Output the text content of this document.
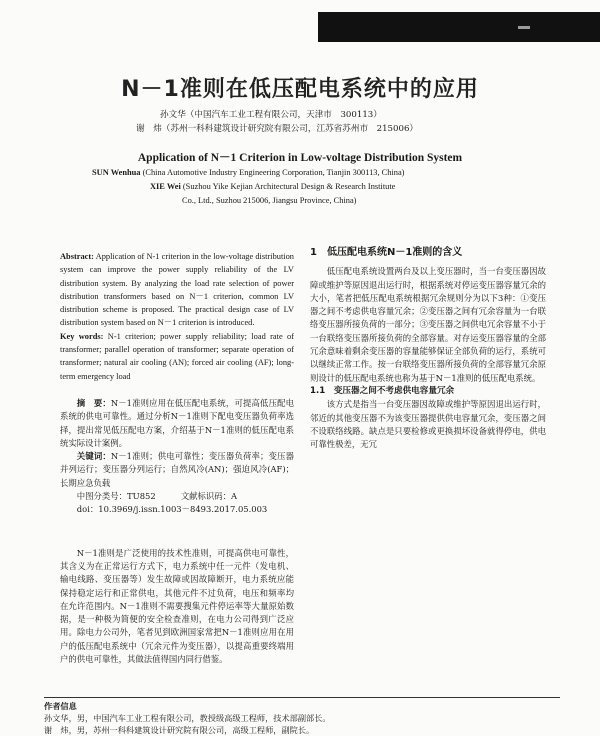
N－1准则在低压配电系统中的应用
孙文华（中国汽车工业工程有限公司，天津市　300113）
谢　炜（苏州一科科建筑设计研究院有限公司，江苏省苏州市　215006）
Application of N－1 Criterion in Low-voltage Distribution System
SUN Wenhua (China Automotive Industry Engineering Corporation, Tianjin 300113, China)
XIE Wei (Suzhou Yike Kejian Architectural Design & Research Institute
Co., Ltd., Suzhou 215006, Jiangsu Province, China)

Abstract: Application of N-1 criterion in the low-voltage distribution system can improve the power supply reliability of the LV distribution system. By analyzing the load rate selection of power distribution transformers based on N－1 criterion, common LV distribution scheme is proposed. The practical design case of LV distribution system based on N－1 criterion is introduced.

Key words: N-1 criterion; power supply reliability; load rate of transformer; parallel operation of transformer; separate operation of transformer; natural air cooling (AN); forced air cooling (AF); long-term emergency load

摘　要：N－1准则应用在低压配电系统，可提高低压配电系统的供电可靠性。通过分析N－1准则下配电变压器负荷率选择，提出常见低压配电方案，介绍基于N－1准则的低压配电系统实际设计案例。

关键词：N－1准则；供电可靠性；变压器负荷率；变压器并列运行；变压器分列运行；自然风冷(AN)；强迫风冷(AF)；长期应急负载

中图分类号：TU852　　　	文献标识码：A

doi：10.3969/j.issn.1003－8493.2017.05.003

N－1准则是广泛使用的技术性准则，可提高供电可靠性，其含义为在正常运行方式下，电力系统中任一元件（发电机、输电线路、变压器等）发生故障或因故障断开，电力系统应能保持稳定运行和正常供电，其他元件不过负荷，电压和频率均在允许范围内。N－1准则不需要搜集元件停运率等大量原始数据，是一种极为简便的安全检查准则，在电力公司得到广泛应用。除电力公司外，笔者见到欧洲国家常把N－1准则应用在用户的低压配电系统中（冗余元件为变压器），以提高重要终端用户的供电可靠性，其做法值得国内同行借鉴。

1　低压配电系统N－1准则的含义

低压配电系统设置两台及以上变压器时，当一台变压器因故障或维护等原因退出运行时，根据系统对停运变压器容量冗余的大小，笔者把低压配电系统根据冗余规则分为以下3种：①变压器之间不考虑供电容量冗余；②变压器之间有冗余容量为一台联络变压器所接负荷的一部分；③变压器之间供电冗余容量不小于一台联络变压器所接负荷的全部容量。对存运变压器容量的全部冗余意味着剩余变压器的容量能够保证全部负荷的运行，系统可以继续正常工作。按一台联络变压器所接负荷的全部容量冗余原则设计的低压配电系统也称为基于N－1准则的低压配电系统。

1.1　变压器之间不考虑供电容量冗余

该方式是指当一台变压器因故障或维护等原因退出运行时，邻近的其他变压器不为该变压器提供供电容量冗余，变压器之间不设联络线路。缺点是只要检修或更换损坏设备就得停电，供电可靠性极差，无冗

作者信息
孙文华，男，中国汽车工业工程有限公司，教授级高级工程师，技术部副部长。
谢　炜，男，苏州一科科建筑设计研究院有限公司，高级工程师，副院长。
